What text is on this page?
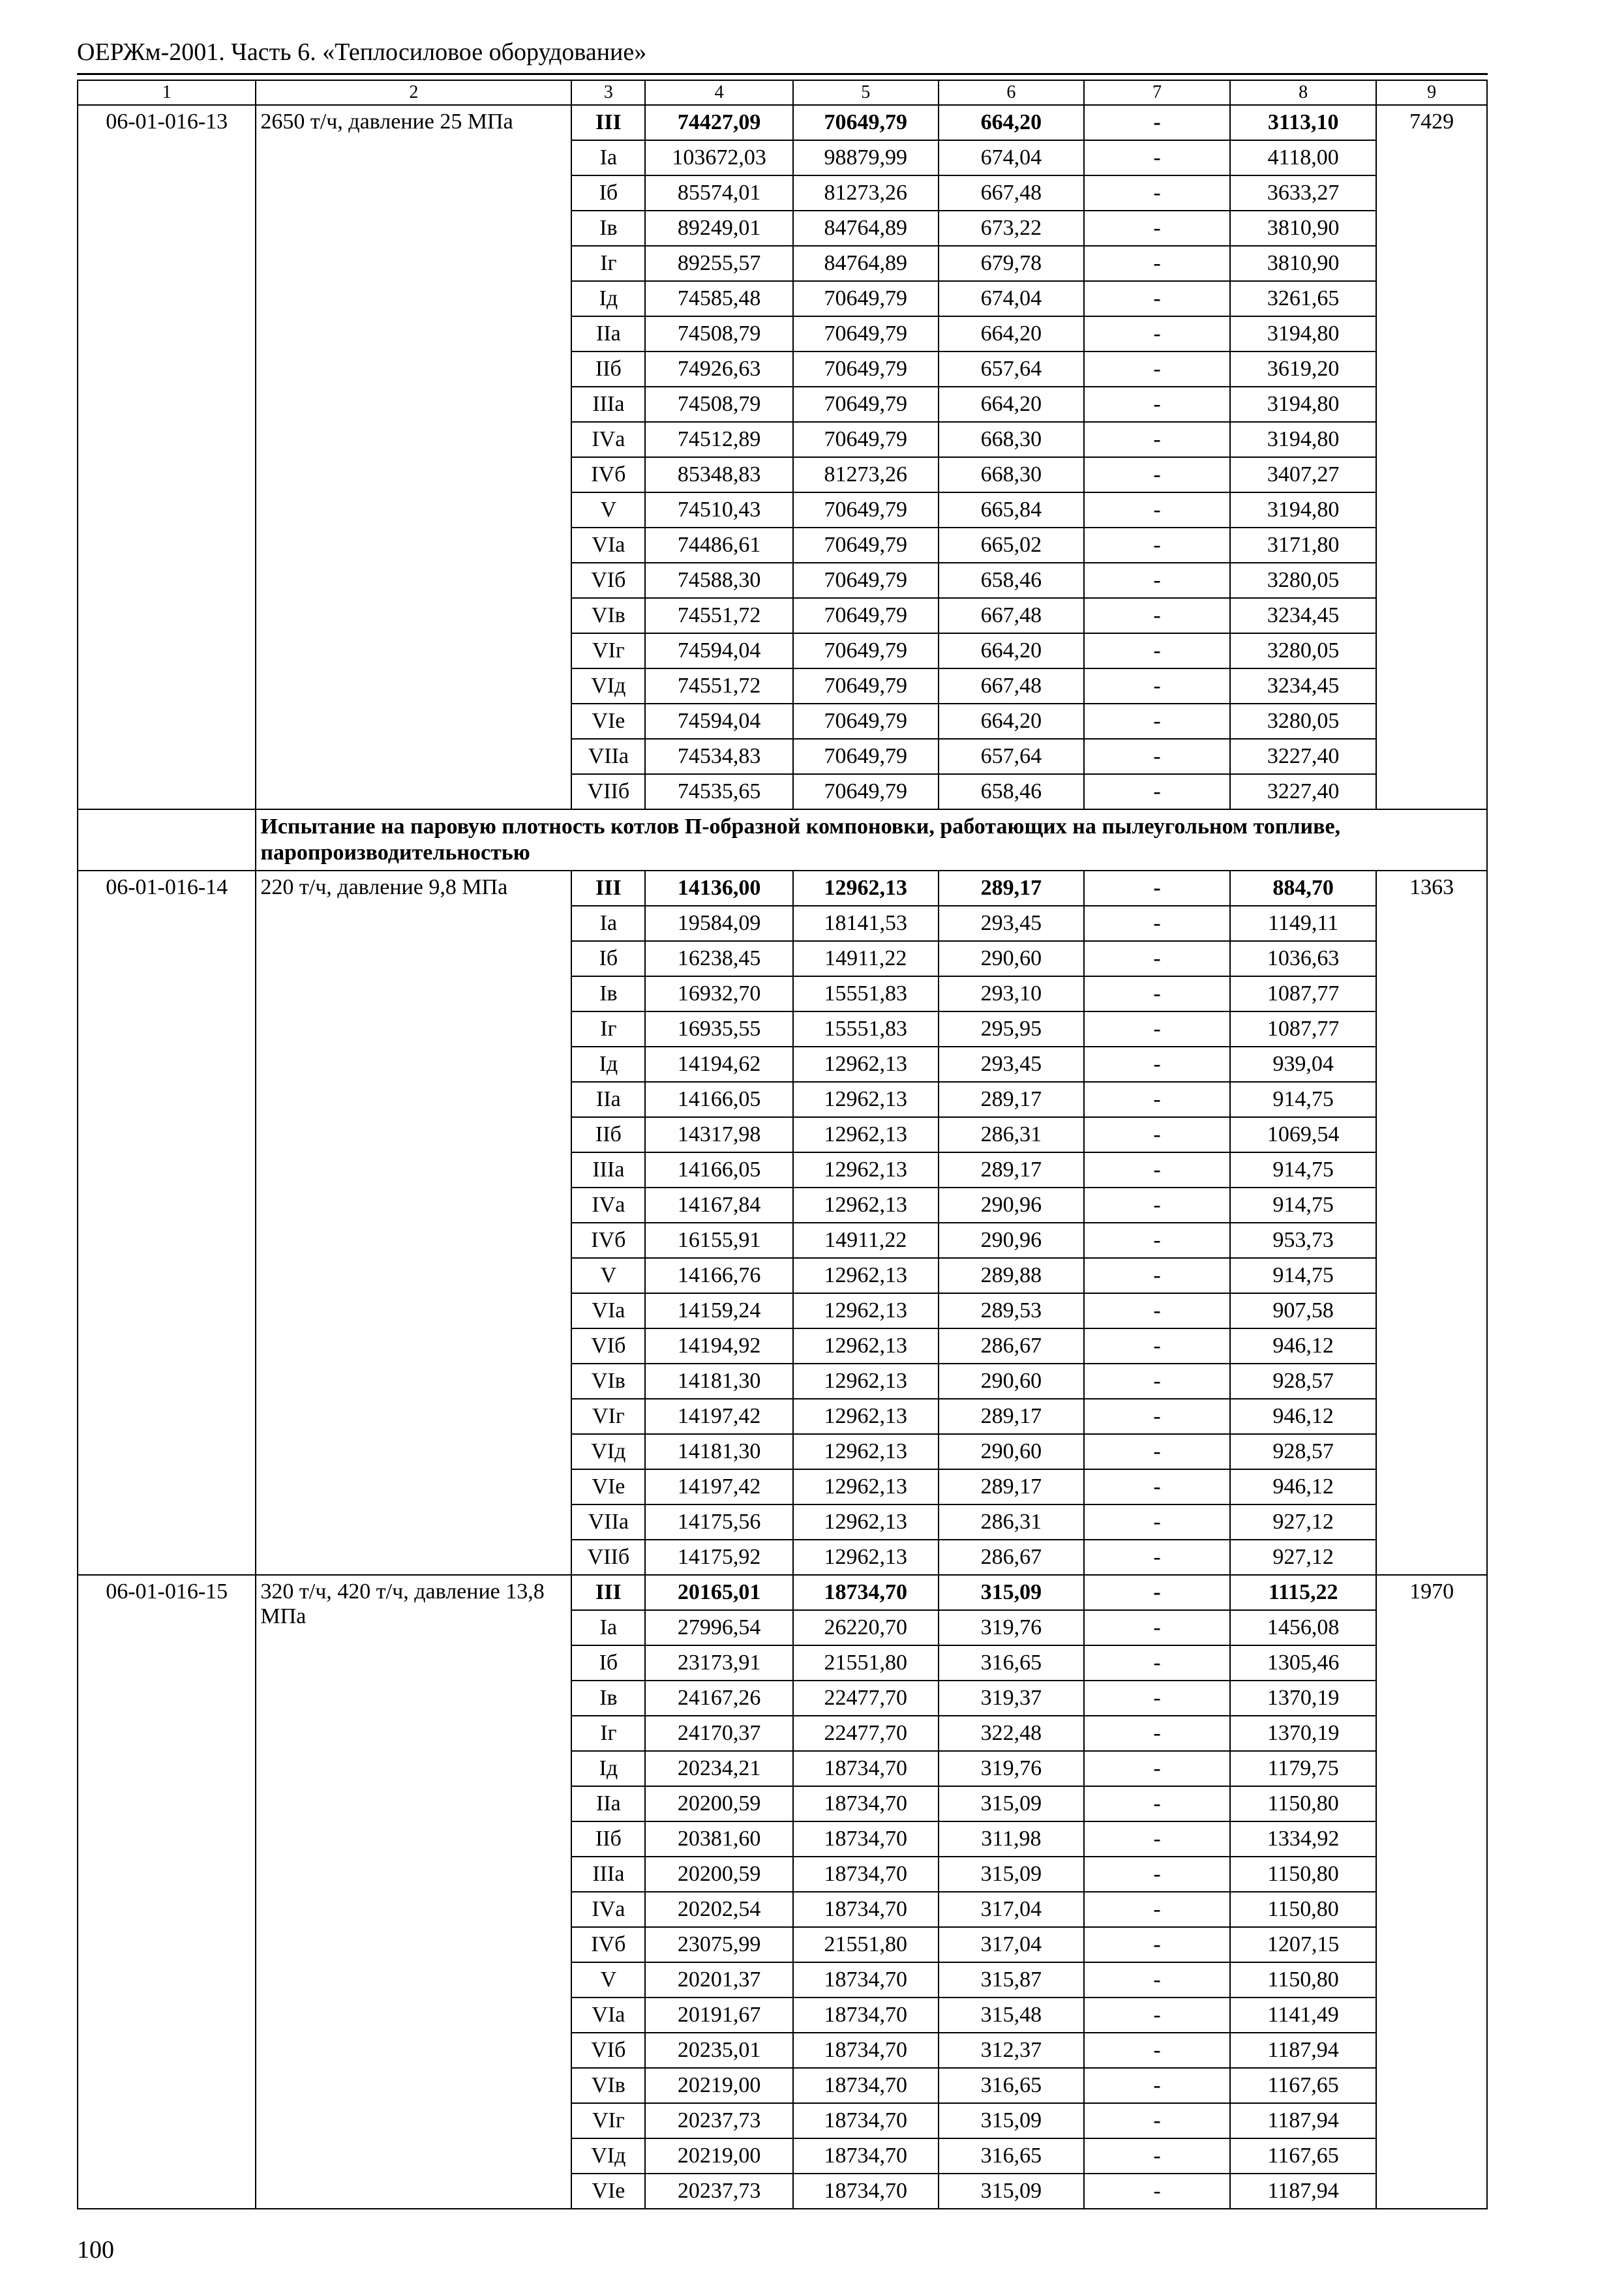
ОЕРЖм-2001. Часть 6. «Теплосиловое оборудование»
1	2	3	4	5	6	7	8	9
06-01-016-13	2650 т/ч, давление 25 МПа	III	74427,09	70649,79	664,20	-	3113,10	7429
		Iа	103672,03	98879,99	674,04	-	4118,00	
		Iб	85574,01	81273,26	667,48	-	3633,27	
		Iв	89249,01	84764,89	673,22	-	3810,90	
		Iг	89255,57	84764,89	679,78	-	3810,90	
		Iд	74585,48	70649,79	674,04	-	3261,65	
		IIа	74508,79	70649,79	664,20	-	3194,80	
		IIб	74926,63	70649,79	657,64	-	3619,20	
		IIIа	74508,79	70649,79	664,20	-	3194,80	
		IVа	74512,89	70649,79	668,30	-	3194,80	
		IVб	85348,83	81273,26	668,30	-	3407,27	
		V	74510,43	70649,79	665,84	-	3194,80	
		VIа	74486,61	70649,79	665,02	-	3171,80	
		VIб	74588,30	70649,79	658,46	-	3280,05	
		VIв	74551,72	70649,79	667,48	-	3234,45	
		VIг	74594,04	70649,79	664,20	-	3280,05	
		VIд	74551,72	70649,79	667,48	-	3234,45	
		VIе	74594,04	70649,79	664,20	-	3280,05	
		VIIа	74534,83	70649,79	657,64	-	3227,40	
		VIIб	74535,65	70649,79	658,46	-	3227,40	
	Испытание на паровую плотность котлов П-образной компоновки, работающих на пылеугольном топливе, паропроизводительностью							
06-01-016-14	220 т/ч, давление 9,8 МПа	III	14136,00	12962,13	289,17	-	884,70	1363
		Iа	19584,09	18141,53	293,45	-	1149,11	
		Iб	16238,45	14911,22	290,60	-	1036,63	
		Iв	16932,70	15551,83	293,10	-	1087,77	
		Iг	16935,55	15551,83	295,95	-	1087,77	
		Iд	14194,62	12962,13	293,45	-	939,04	
		IIа	14166,05	12962,13	289,17	-	914,75	
		IIб	14317,98	12962,13	286,31	-	1069,54	
		IIIа	14166,05	12962,13	289,17	-	914,75	
		IVа	14167,84	12962,13	290,96	-	914,75	
		IVб	16155,91	14911,22	290,96	-	953,73	
		V	14166,76	12962,13	289,88	-	914,75	
		VIа	14159,24	12962,13	289,53	-	907,58	
		VIб	14194,92	12962,13	286,67	-	946,12	
		VIв	14181,30	12962,13	290,60	-	928,57	
		VIг	14197,42	12962,13	289,17	-	946,12	
		VIд	14181,30	12962,13	290,60	-	928,57	
		VIе	14197,42	12962,13	289,17	-	946,12	
		VIIа	14175,56	12962,13	286,31	-	927,12	
		VIIб	14175,92	12962,13	286,67	-	927,12	
06-01-016-15	320 т/ч, 420 т/ч, давление 13,8 МПа	III	20165,01	18734,70	315,09	-	1115,22	1970
		Iа	27996,54	26220,70	319,76	-	1456,08	
		Iб	23173,91	21551,80	316,65	-	1305,46	
		Iв	24167,26	22477,70	319,37	-	1370,19	
		Iг	24170,37	22477,70	322,48	-	1370,19	
		Iд	20234,21	18734,70	319,76	-	1179,75	
		IIа	20200,59	18734,70	315,09	-	1150,80	
		IIб	20381,60	18734,70	311,98	-	1334,92	
		IIIа	20200,59	18734,70	315,09	-	1150,80	
		IVа	20202,54	18734,70	317,04	-	1150,80	
		IVб	23075,99	21551,80	317,04	-	1207,15	
		V	20201,37	18734,70	315,87	-	1150,80	
		VIа	20191,67	18734,70	315,48	-	1141,49	
		VIб	20235,01	18734,70	312,37	-	1187,94	
		VIв	20219,00	18734,70	316,65	-	1167,65	
		VIг	20237,73	18734,70	315,09	-	1187,94	
		VIд	20219,00	18734,70	316,65	-	1167,65	
		VIе	20237,73	18734,70	315,09	-	1187,94	
100
